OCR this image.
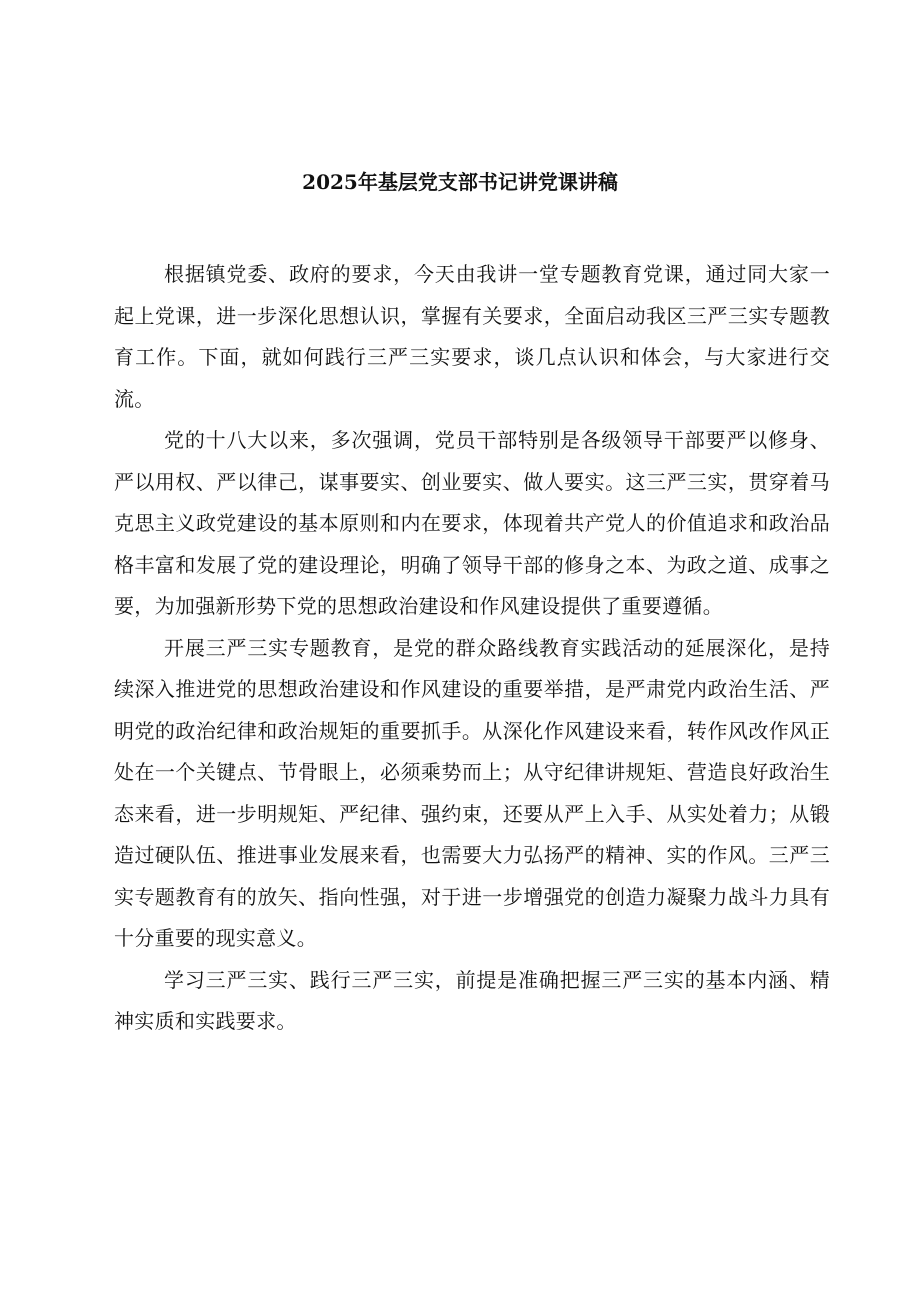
2025年基层党支部书记讲党课讲稿

根据镇党委、政府的要求，今天由我讲一堂专题教育党课，通过同大家一起上党课，进一步深化思想认识，掌握有关要求，全面启动我区三严三实专题教育工作。下面，就如何践行三严三实要求，谈几点认识和体会，与大家进行交流。

党的十八大以来，多次强调，党员干部特别是各级领导干部要严以修身、严以用权、严以律己，谋事要实、创业要实、做人要实。这三严三实，贯穿着马克思主义政党建设的基本原则和内在要求，体现着共产党人的价值追求和政治品格丰富和发展了党的建设理论，明确了领导干部的修身之本、为政之道、成事之要，为加强新形势下党的思想政治建设和作风建设提供了重要遵循。

开展三严三实专题教育，是党的群众路线教育实践活动的延展深化，是持续深入推进党的思想政治建设和作风建设的重要举措，是严肃党内政治生活、严明党的政治纪律和政治规矩的重要抓手。从深化作风建设来看，转作风改作风正处在一个关键点、节骨眼上，必须乘势而上；从守纪律讲规矩、营造良好政治生态来看，进一步明规矩、严纪律、强约束，还要从严上入手、从实处着力；从锻造过硬队伍、推进事业发展来看，也需要大力弘扬严的精神、实的作风。三严三实专题教育有的放矢、指向性强，对于进一步增强党的创造力凝聚力战斗力具有十分重要的现实意义。

学习三严三实、践行三严三实，前提是准确把握三严三实的基本内涵、精神实质和实践要求。
